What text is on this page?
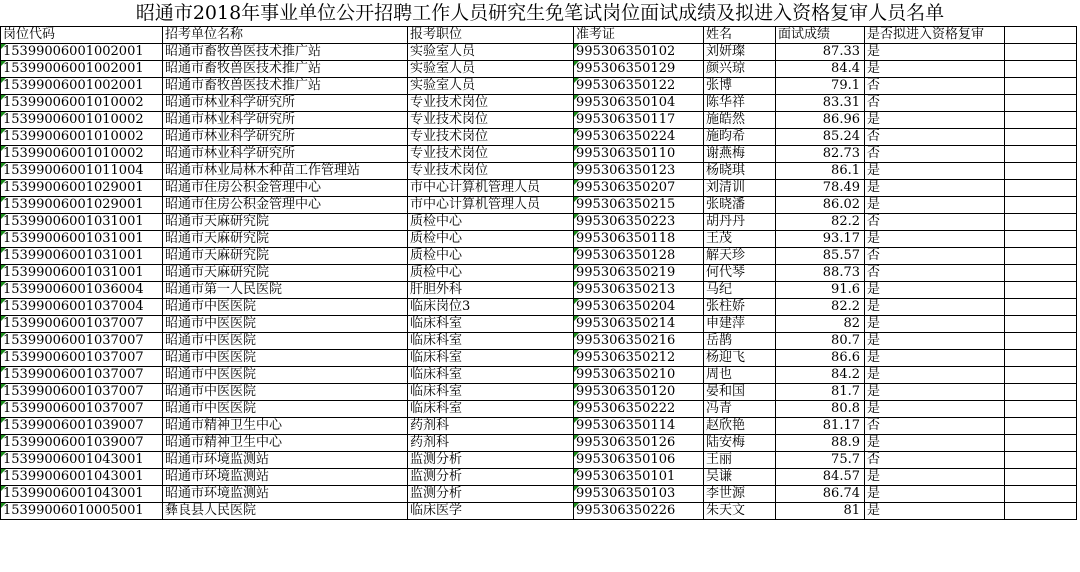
昭通市2018年事业单位公开招聘工作人员研究生免笔试岗位面试成绩及拟进入资格复审人员名单
岗位代码	招考单位名称	报考职位	准考证	姓名	面试成绩	是否拟进入资格复审	
15399006001002001	昭通市畜牧兽医技术推广站	实验室人员	995306350102	刘妍璨	87.33	是	
15399006001002001	昭通市畜牧兽医技术推广站	实验室人员	995306350129	颜兴琼	84.4	是	
15399006001002001	昭通市畜牧兽医技术推广站	实验室人员	995306350122	张博	79.1	否	
15399006001010002	昭通市林业科学研究所	专业技术岗位	995306350104	陈华祥	83.31	否	
15399006001010002	昭通市林业科学研究所	专业技术岗位	995306350117	施皓然	86.96	是	
15399006001010002	昭通市林业科学研究所	专业技术岗位	995306350224	施昀希	85.24	否	
15399006001010002	昭通市林业科学研究所	专业技术岗位	995306350110	谢燕梅	82.73	否	
15399006001011004	昭通市林业局林木种苗工作管理站	专业技术岗位	995306350123	杨晓琪	86.1	是	
15399006001029001	昭通市住房公积金管理中心	市中心计算机管理人员	995306350207	刘清训	78.49	是	
15399006001029001	昭通市住房公积金管理中心	市中心计算机管理人员	995306350215	张晓潘	86.02	是	
15399006001031001	昭通市天麻研究院	质检中心	995306350223	胡丹丹	82.2	否	
15399006001031001	昭通市天麻研究院	质检中心	995306350118	王茂	93.17	是	
15399006001031001	昭通市天麻研究院	质检中心	995306350128	解天珍	85.57	否	
15399006001031001	昭通市天麻研究院	质检中心	995306350219	何代琴	88.73	否	
15399006001036004	昭通市第一人民医院	肝胆外科	995306350213	马纪	91.6	是	
15399006001037004	昭通市中医医院	临床岗位3	995306350204	张柱娇	82.2	是	
15399006001037007	昭通市中医医院	临床科室	995306350214	申建萍	82	是	
15399006001037007	昭通市中医医院	临床科室	995306350216	岳鹊	80.7	是	
15399006001037007	昭通市中医医院	临床科室	995306350212	杨迎飞	86.6	是	
15399006001037007	昭通市中医医院	临床科室	995306350210	周也	84.2	是	
15399006001037007	昭通市中医医院	临床科室	995306350120	晏和国	81.7	是	
15399006001037007	昭通市中医医院	临床科室	995306350222	冯青	80.8	是	
15399006001039007	昭通市精神卫生中心	药剂科	995306350114	赵欣艳	81.17	否	
15399006001039007	昭通市精神卫生中心	药剂科	995306350126	陆安梅	88.9	是	
15399006001043001	昭通市环境监测站	监测分析	995306350106	王丽	75.7	否	
15399006001043001	昭通市环境监测站	监测分析	995306350101	吴谦	84.57	是	
15399006001043001	昭通市环境监测站	监测分析	995306350103	李世源	86.74	是	
15399006010005001	彝良县人民医院	临床医学	995306350226	朱天文	81	是	
